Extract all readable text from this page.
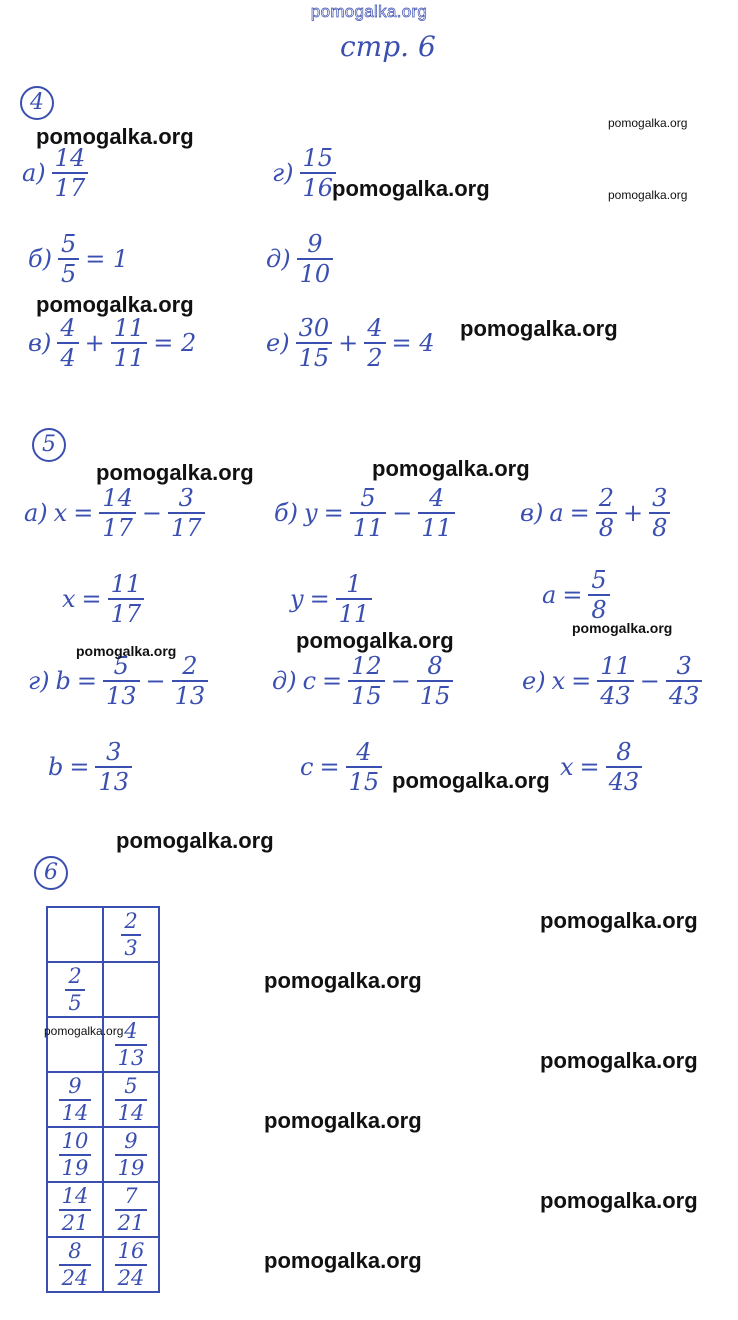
pomogalka.org
стр. 6
4
$а) \frac{14}{17}$	$г) \frac{15}{16}$
$б) \frac{5}{5} = 1$	$д) \frac{9}{10}$
$в) \frac{4}{4} + \frac{11}{11} = 2$	$е) \frac{30}{15} + \frac{4}{2} = 4$
5
а) $x = \frac{14}{17} - \frac{3}{17}$
$x = \frac{11}{17}$
б) $y = \frac{5}{11} - \frac{4}{11}$
$y = \frac{1}{11}$
в) $a = \frac{2}{8} + \frac{3}{8}$
$a = \frac{5}{8}$
г) $b = \frac{5}{13} - \frac{2}{13}$
$b = \frac{3}{13}$
д) $c = \frac{12}{15} - \frac{8}{15}$
$c = \frac{4}{15}$
е) $x = \frac{11}{43} - \frac{3}{43}$
$x = \frac{8}{43}$
6

	$\frac{2}{3}$

$\frac{2}{5}$

	$\frac{4}{13}$

$\frac{9}{14}$	$\frac{5}{14}$

$\frac{10}{19}$	$\frac{9}{19}$

$\frac{14}{21}$	$\frac{7}{21}$

$\frac{8}{24}$	$\frac{16}{24}$
pomogalka.org
pomogalka.org
pomogalka.org	pomogalka.org
pomogalka.org
pomogalka.org
pomogalka.org	pomogalka.org
pomogalka.org
pomogalka.org	pomogalka.org
pomogalka.org
pomogalka.org
pomogalka.org
pomogalka.org
pomogalka.org
pomogalka.org
pomogalka.org
pomogalka.org
pomogalka.org
